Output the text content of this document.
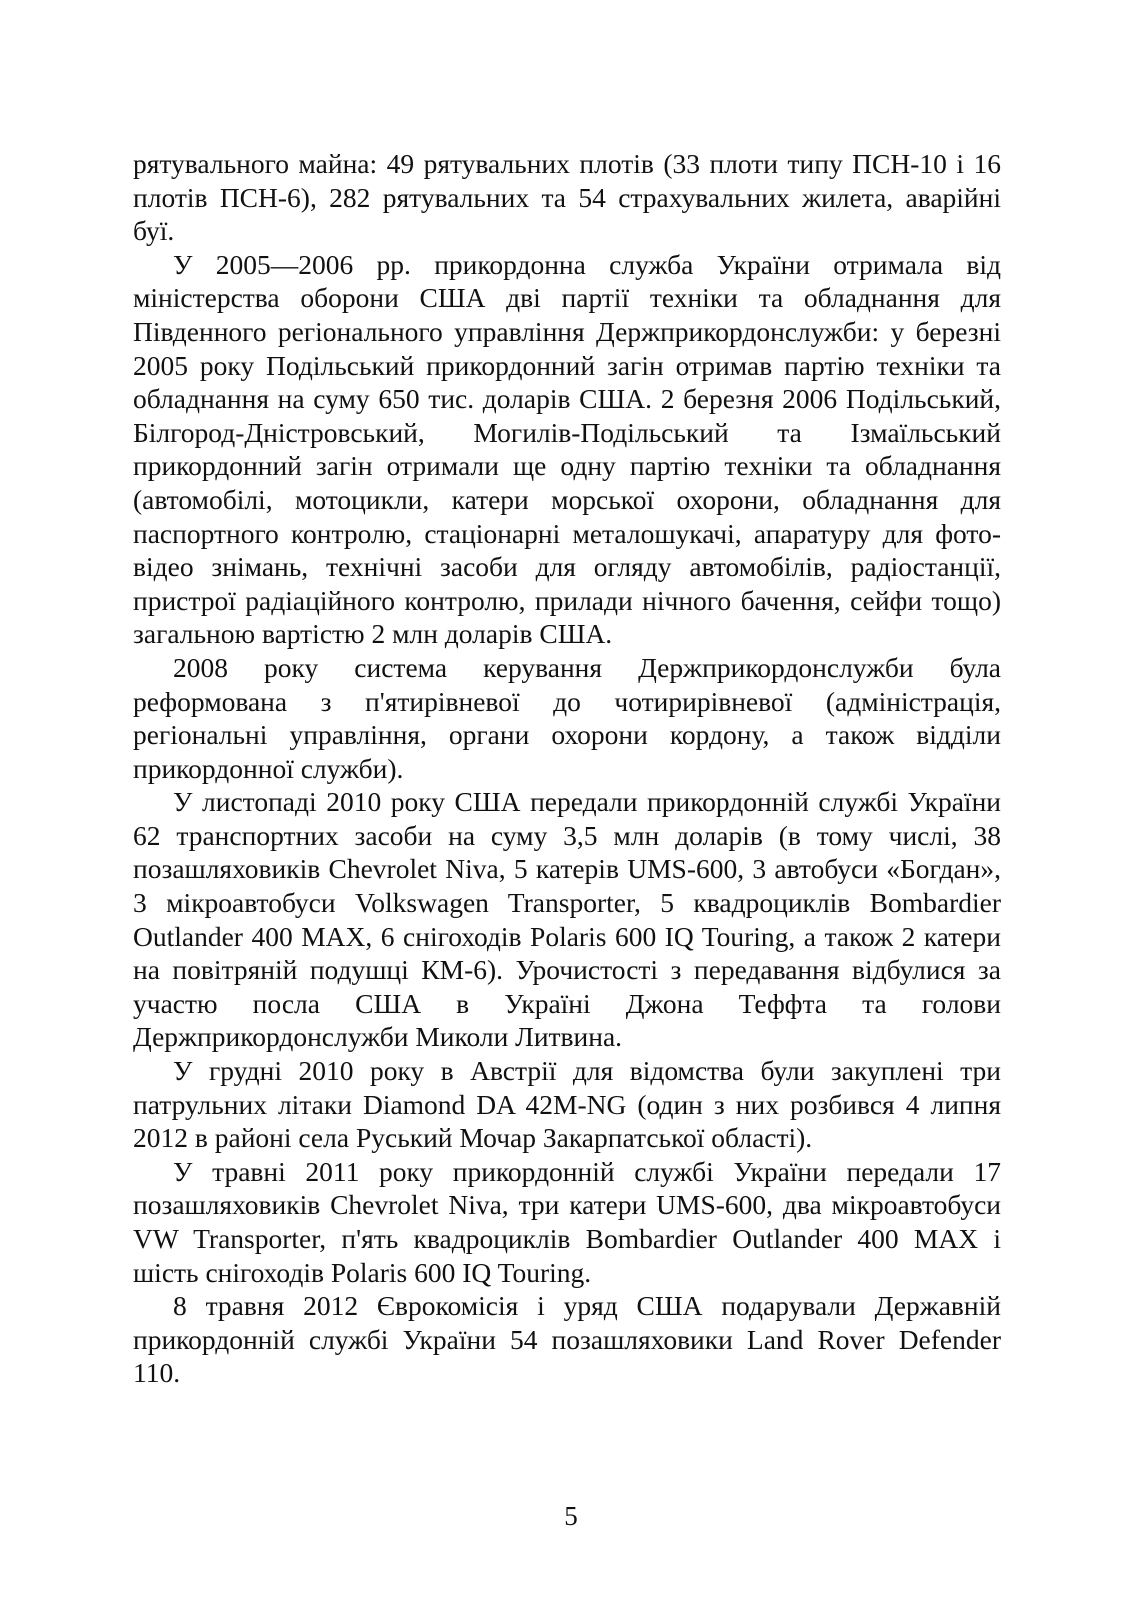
рятувального майна: 49 рятувальних плотів (33 плоти типу ПСН-10 і 16 плотів ПСН-6), 282 рятувальних та 54 страхувальних жилета, аварійні буї.

У 2005—2006 рр. прикордонна служба України отримала від міністерства оборони США дві партії техніки та обладнання для Південного регіонального управління Держприкордонслужби: у березні 2005 року Подільський прикордонний загін отримав партію техніки та обладнання на суму 650 тис. доларів США. 2 березня 2006 Подільський, Білгород-Дністровський, Могилів-Подільський та Ізмаїльський прикордонний загін отримали ще одну партію техніки та обладнання (автомобілі, мотоцикли, катери морської охорони, обладнання для паспортного контролю, стаціонарні металошукачі, апаратуру для фото-відео знімань, технічні засоби для огляду автомобілів, радіостанції, пристрої радіаційного контролю, прилади нічного бачення, сейфи тощо) загальною вартістю 2 млн доларів США.

2008 року система керування Держприкордонслужби була реформована з п'ятирівневої до чотирирівневої (адміністрація, регіональні управління, органи охорони кордону, а також відділи прикордонної служби).

У листопаді 2010 року США передали прикордонній службі України 62 транспортних засоби на суму 3,5 млн доларів (в тому числі, 38 позашляховиків Chevrolet Niva, 5 катерів UMS-600, 3 автобуси «Богдан», 3 мікроавтобуси Volkswagen Transporter, 5 квадроциклів Bombardier Outlander 400 MAX, 6 снігоходів Polaris 600 IQ Touring, а також 2 катери на повітряній подушці КМ-6). Урочистості з передавання відбулися за участю посла США в Україні Джона Теффта та голови Держприкордонслужби Миколи Литвина.

У грудні 2010 року в Австрії для відомства були закуплені три патрульних літаки Diamond DA 42M-NG (один з них розбився 4 липня 2012 в районі села Руський Мочар Закарпатської області).

У травні 2011 року прикордонній службі України передали 17 позашляховиків Chevrolet Niva, три катери UMS-600, два мікроавтобуси VW Transporter, п'ять квадроциклів Bombardier Outlander 400 MAX і шість снігоходів Polaris 600 IQ Touring.

8 травня 2012 Єврокомісія і уряд США подарували Державній прикордонній службі України 54 позашляховики Land Rover Defender 110.

5
